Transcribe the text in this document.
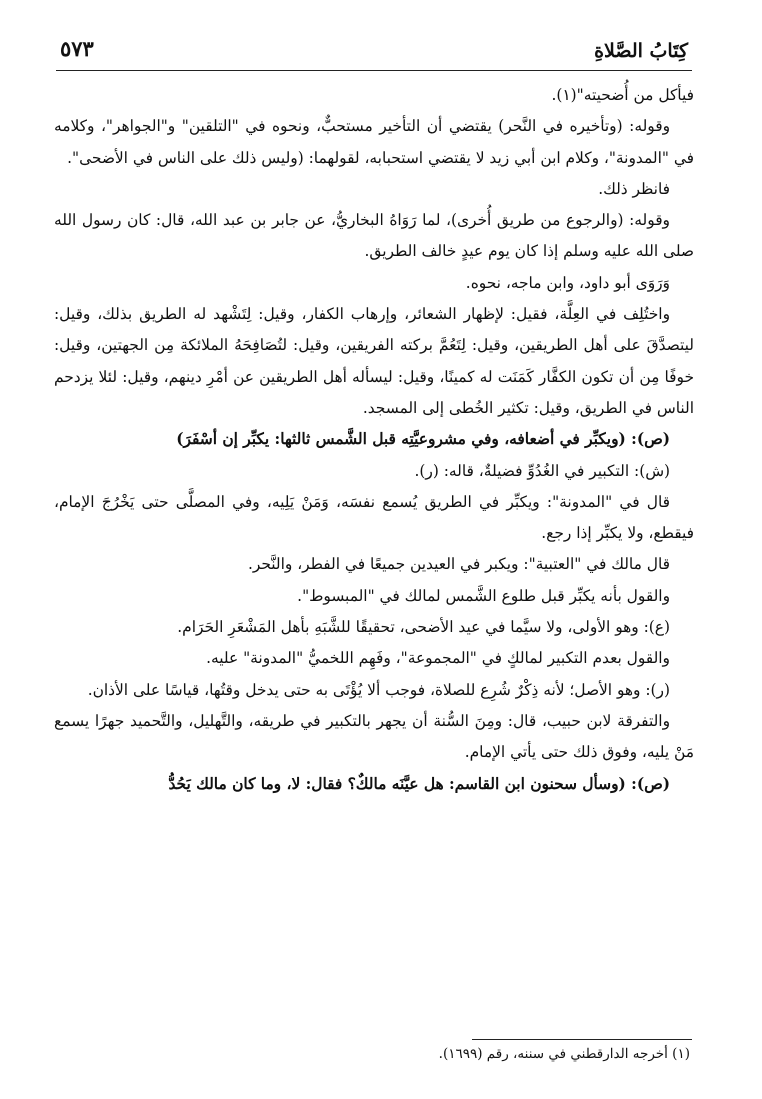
كِتَابُ الصَّلاةِ
٥٧٣

فيأكل من أُضحيته"(١).

وقوله: (وتأخيره في النَّحر) يقتضي أن التأخير مستحبٌّ، ونحوه في "التلقين" و"الجواهر"، وكلامه في "المدونة"، وكلام ابن أبي زيد لا يقتضي استحبابه، لقولهما: (وليس ذلك على الناس في الأضحى".

فانظر ذلك.

وقوله: (والرجوع من طريق أُخرى)، لما رَوَاهُ البخاريُّ، عن جابر بن عبد الله، قال: كان رسول الله صلى الله عليه وسلم إذا كان يوم عيدٍ خالف الطريق.

وَرَوَى أبو داود، وابن ماجه، نحوه.

واختُلِف في العِلَّة، فقيل: لإظهار الشعائر، وإرهاب الكفار، وقيل: لِتَشْهد له الطريق بذلك، وقيل: ليتصدَّقَ على أهل الطريقين، وقيل: لِتَعُمَّ بركته الفريقين، وقيل: لتُصَافِحَهُ الملائكة مِن الجهتين، وقيل: خوفًا مِن أن تكون الكفَّار كَمَنَت له كمينًا، وقيل: ليسأله أهل الطريقين عن أمْرِ دينهم، وقيل: لئلا يزدحم الناس في الطريق، وقيل: تكثير الخُطى إلى المسجد.

(ص): (ويكبِّر في أضعافه، وفي مشروعيَّتِه قبل الشَّمس ثالثها: يكبِّر إن أسْفَرَ)

(ش): التكبير في الغُدُوِّ فضيلةٌ، قاله: (ر).

قال في "المدونة": ويكبِّر في الطريق يُسمع نفسَه، وَمَنْ يَلِيه، وفي المصلَّى حتى يَخْرُجَ الإمام، فيقطع، ولا يكبِّر إذا رجع.

قال مالك في "العتبية": ويكبر في العيدين جميعًا في الفطر، والنَّحر.

والقول بأنه يكبِّر قبل طلوع الشَّمس لمالك في "المبسوط".

(ع): وهو الأولى، ولا سيَّما في عيد الأضحى، تحقيقًا للشَّبَهِ بأهل المَشْعَرِ الحَرَام.

والقول بعدم التكبير لمالكٍ في "المجموعة"، وفَهِم اللخميُّ "المدونة" عليه.

(ر): وهو الأصل؛ لأنه ذِكْرٌ شُرِع للصلاة، فوجب ألا يُؤْتَى به حتى يدخل وقتُها، قياسًا على الأذان.

والتفرقة لابن حبيب، قال: ومِنَ السُّنة أن يجهر بالتكبير في طريقه، والتَّهليل، والتَّحميد جهرًا يسمع مَنْ يليه، وفوق ذلك حتى يأتي الإمام.

(ص): (وسأل سحنون ابن القاسم: هل عيَّنَه مالكٌ؟ فقال: لا، وما كان مالك يَحُدُّ

(١) أخرجه الدارقطني في سننه، رقم (١٦٩٩).
